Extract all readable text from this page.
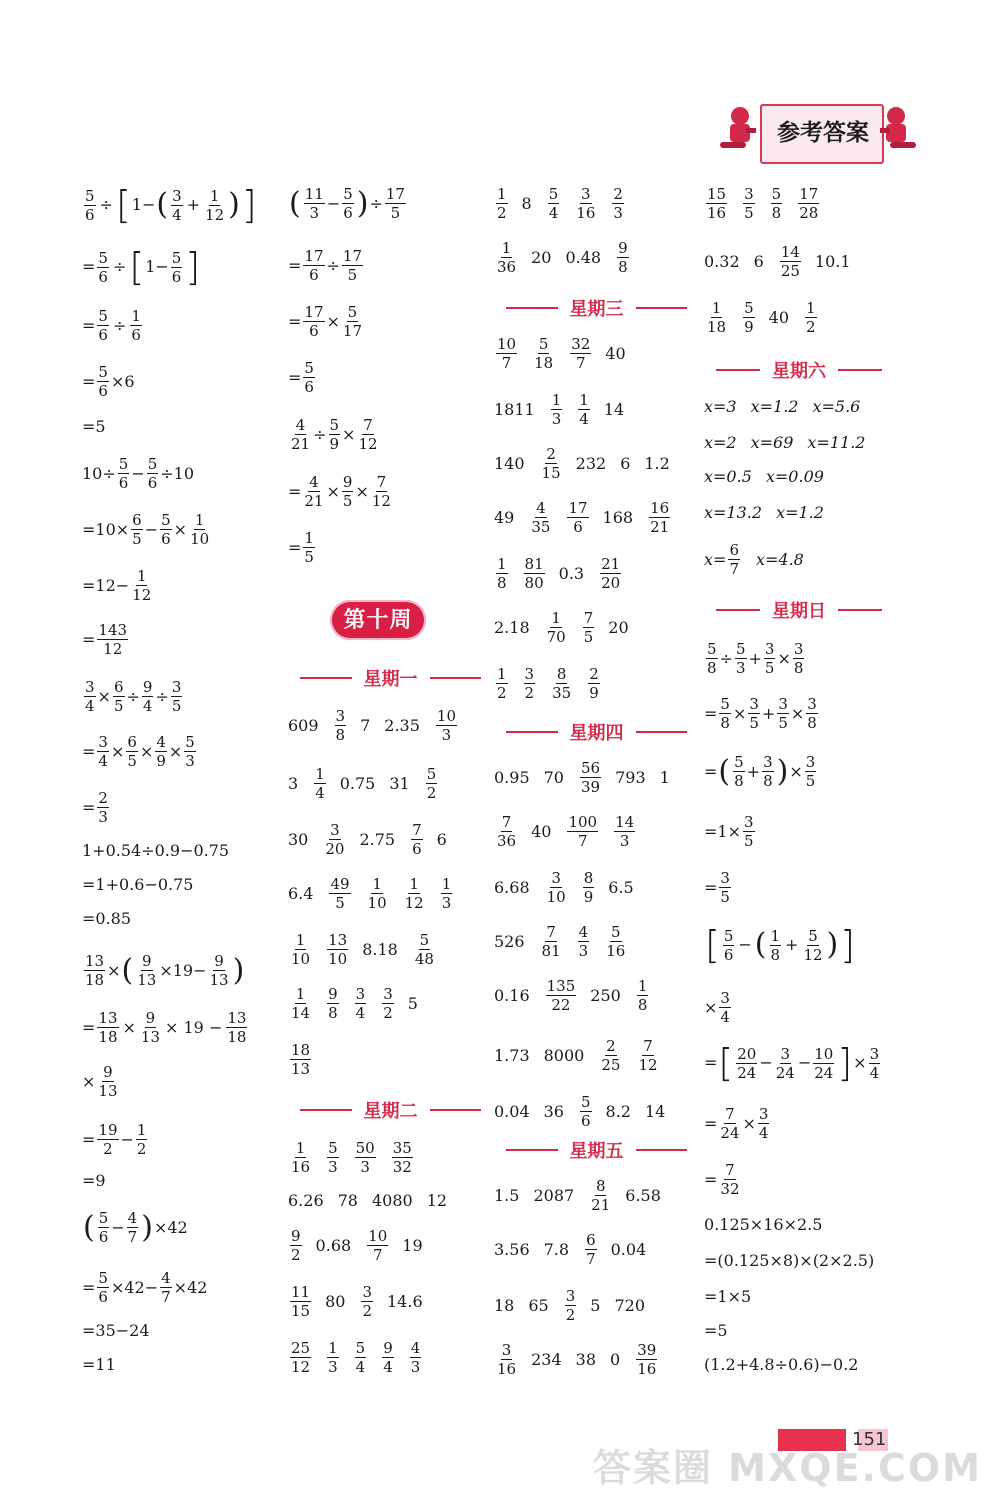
参考答案
$\frac{5}{6}$ ÷ [ 1− ( 3
4
+ $\frac{1}{12}$ ) ]
= $\frac{5}{6}$ ÷ [ 1− 5
6 ]
= $\frac{5}{6} \div \frac{1}{6}$
= $\frac{5}{6} \times 6$
=5
10÷ 5
6
− 5
6
÷10
$=10\times \frac{6}{5} - 5$
6
× 1
10
$=12- \frac{1}{12}$
= 143
12
3
4
× 6
5
÷ 9
4
÷ 3
5
= 3
4
× 6
5
× 4
9
× 5
3
= 2
3
1+0.54÷0.9−0.75
=1+0.6−0.75
=0.85
13
18
× ( $\frac{9}{13} \times 19- \frac{9}{13}$ )
= $\frac{13}{18} \times \frac{9}{13} \times 19 - \frac{13}{18}$
× 9
13
= 19
2
− 1
2
=9
( 5
6
− 4
7 ) ×42
= 5
6
×42− 4
7
×42
=35−24
=11
( 11
3
− 5
6 ) ÷ 17
5
= 17
6
÷ 17
5
= 17
6
× 5
17
= 5
6
4
21
÷ 5
9
× 7
12
= 4
21
× 9
5
× 7
12
= 1
5
第十周
星期一
609 3
8
7 2.35 10
3
3 1
4
0.75 31 5
2
30 3
20
2.75 7
6
6
6.4 49
5
1
10
1
12
1
3
1
10
13
10
8.18 5
48
1
14
9
8
3
4
3
2
5
18
13
星期二
1
16
5
3
50
3
35
32
6.26 78 4080 12
9
2
0.68 10
7
19
11
15
80 3
2
14.6
25
12
1
3
5
4
9
4
4
3
1
2
8 5
4
3
16
2
3
1
36
20 0.48 9
8
星期三
10
7
5
18
32
7
40
1811 1
3
1
4
14
140 2
15
232 6 1.2
49 4
35
17
6
168 16
21
1
8
81
80
0.3 21
20
2.18 1
70
7
5
20
1
2
3
2
8
35
2
9
星期四
0.95 70 56
39
793 1
7
36
40 100
7
14
3
6.68 3
10
8
9
6.5
526 7
81
4
3
5
16
0.16 135
22
250 1
8
1.73 8000 2
25
7
12
0.04 36 5
6
8.2 14
星期五
1.5 2087 8
21
6.58
3.56 7.8 6
7
0.04
18 65 3
2
5 720
3
16
234 38 0 39
16
15
16
3
5
5
8
17
28
0.32 6 14
25
10.1
1
18
5
9
40 1
2
星期六
x=3 x=1.2 x=5.6
x=2 x=69 x=11.2
x=0.5 x=0.09
x=13.2 x=1.2
$x= \frac{6}{7} x=4.8$
星期日
5
8
÷ 5
3
+ 3
5
× 3
8
= 5
8
× 3
5
+ 3
5
× 3
8
= ( 5
8
+ 3
8 ) × 3
5
=1× 3
5
= 3
5
[ 5
6
− ( 1
8
+ $\frac{5}{12}$ ) ]
× 3
4
= [ 20
24
− 3
24
− 10
24 ] × 3
4
= 7
24
× 3
4
= 7
32
0.125×16×2.5
=(0.125×8)×(2×2.5)
=1×5
=5
(1.2+4.8÷0.6)−0.2
151
答案圈 MXQE.COM
